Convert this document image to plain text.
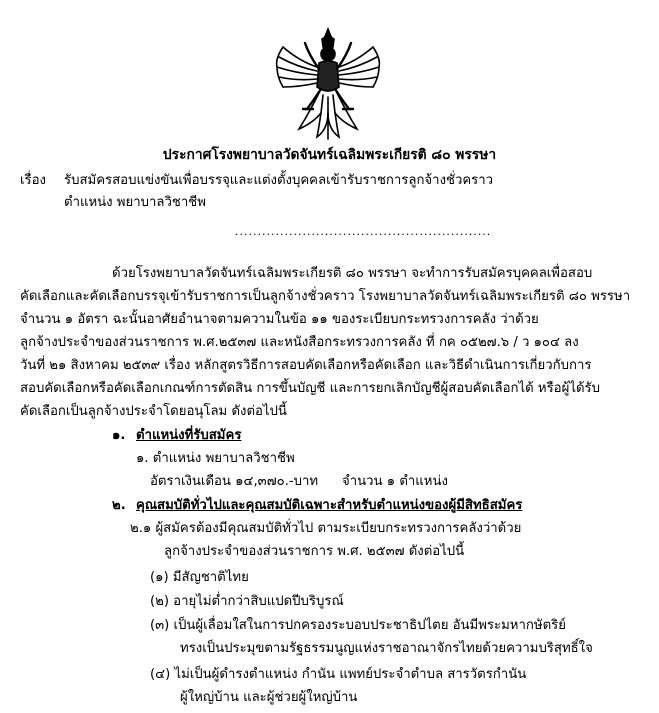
ประกาศโรงพยาบาลวัดจันทร์เฉลิมพระเกียรติ ๘๐ พรรษา
เรื่อง รับสมัครสอบแข่งขันเพื่อบรรจุและแต่งตั้งบุคคลเข้ารับราชการลูกจ้างชั่วคราว
ตำแหน่ง พยาบาลวิชาชีพ
.........................................................
ด้วยโรงพยาบาลวัดจันทร์เฉลิมพระเกียรติ ๘๐ พรรษา จะทำการรับสมัครบุคคลเพื่อสอบ
คัดเลือกและคัดเลือกบรรจุเข้ารับราชการเป็นลูกจ้างชั่วคราว โรงพยาบาลวัดจันทร์เฉลิมพระเกียรติ ๘๐ พรรษา
จำนวน ๑ อัตรา ฉะนั้นอาศัยอำนาจตามความในข้อ ๑๑ ของระเบียบกระทรวงการคลัง ว่าด้วย
ลูกจ้างประจำของส่วนราชการ พ.ศ.๒๕๓๗ และหนังสือกระทรวงการคลัง ที่ กค ๐๕๒๗.๖ / ว ๑๐๔ ลง
วันที่ ๒๑ สิงหาคม ๒๕๓๙ เรื่อง หลักสูตรวิธีการสอบคัดเลือกหรือคัดเลือก และวิธีดำเนินการเกี่ยวกับการ
สอบคัดเลือกหรือคัดเลือกเกณฑ์การตัดสิน การขึ้นบัญชี และการยกเลิกบัญชีผู้สอบคัดเลือกได้ หรือผู้ได้รับ
คัดเลือกเป็นลูกจ้างประจำโดยอนุโลม ดังต่อไปนี้
๑. ตำแหน่งที่รับสมัคร
๑. ตำแหน่ง พยาบาลวิชาชีพ
อัตราเงินเดือน ๑๔,๓๗๐.-บาท จำนวน ๑ ตำแหน่ง
๒. คุณสมบัติทั่วไปและคุณสมบัติเฉพาะสำหรับตำแหน่งของผู้มีสิทธิสมัคร
๒.๑ ผู้สมัครต้องมีคุณสมบัติทั่วไป ตามระเบียบกระทรวงการคลังว่าด้วย
ลูกจ้างประจำของส่วนราชการ พ.ศ. ๒๕๓๗ ดังต่อไปนี้
(๑) มีสัญชาติไทย
(๒) อายุไม่ต่ำกว่าสิบแปดปีบริบูรณ์
(๓) เป็นผู้เลื่อมใสในการปกครองระบอบประชาธิปไตย อันมีพระมหากษัตริย์
ทรงเป็นประมุขตามรัฐธรรมนูญแห่งราชอาณาจักรไทยด้วยความบริสุทธิ์ใจ
(๔) ไม่เป็นผู้ดำรงตำแหน่ง กำนัน แพทย์ประจำตำบล สารวัตรกำนัน
ผู้ใหญ่บ้าน และผู้ช่วยผู้ใหญ่บ้าน
